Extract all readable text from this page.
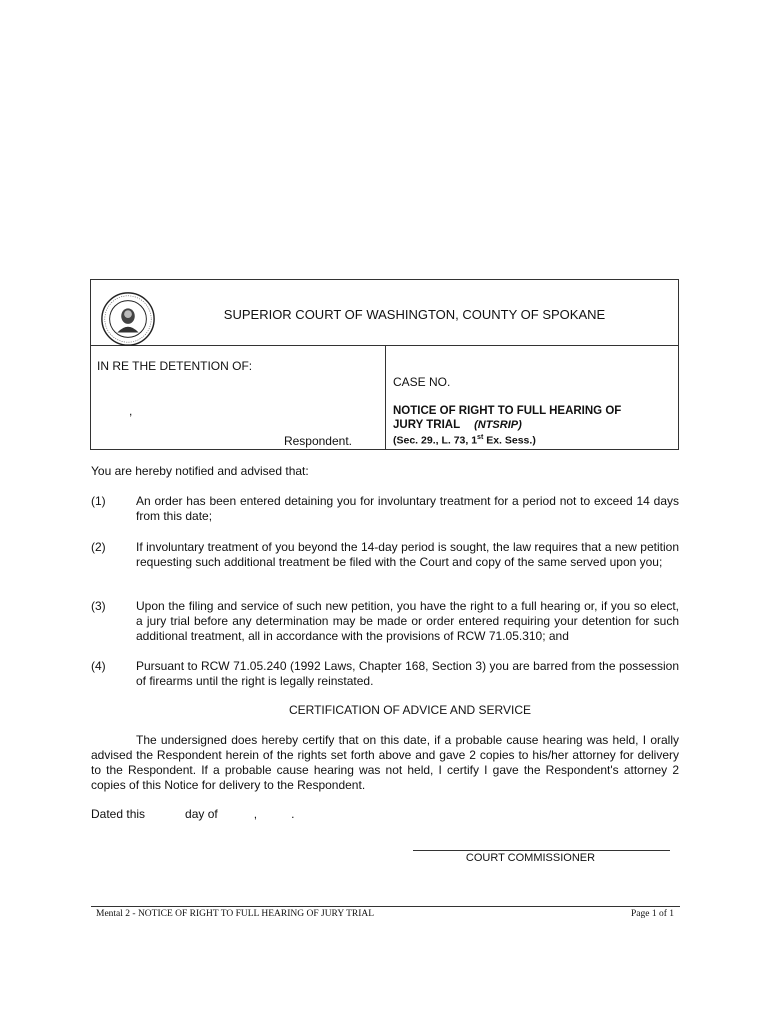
SUPERIOR COURT OF WASHINGTON, COUNTY OF SPOKANE
IN RE THE DETENTION OF:
,
Respondent.
CASE NO.
NOTICE OF RIGHT TO FULL HEARING OF
JURY TRIAL (NTSRIP)
(Sec. 29., L. 73, 1st Ex. Sess.)
You are hereby notified and advised that:
(1)	An order has been entered detaining you for involuntary treatment for a period not to exceed 14 days from this date;
(2)	If involuntary treatment of you beyond the 14-day period is sought, the law requires that a new petition requesting such additional treatment be filed with the Court and copy of the same served upon you;
(3)	Upon the filing and service of such new petition, you have the right to a full hearing or, if you so elect, a jury trial before any determination may be made or order entered requiring your detention for such additional treatment, all in accordance with the provisions of RCW 71.05.310; and
(4)	Pursuant to RCW 71.05.240 (1992 Laws, Chapter 168, Section 3) you are barred from the possession of firearms until the right is legally reinstated.
CERTIFICATION OF ADVICE AND SERVICE
The undersigned does hereby certify that on this date, if a probable cause hearing was held, I orally advised the Respondent herein of the rights set forth above and gave 2 copies to his/her attorney for delivery to the Respondent. If a probable cause hearing was not held, I certify I gave the Respondent's attorney 2 copies of this Notice for delivery to the Respondent.
Dated this	day of	,	.
COURT COMMISSIONER
Mental 2 - NOTICE OF RIGHT TO FULL HEARING OF JURY TRIAL	Page 1 of 1
